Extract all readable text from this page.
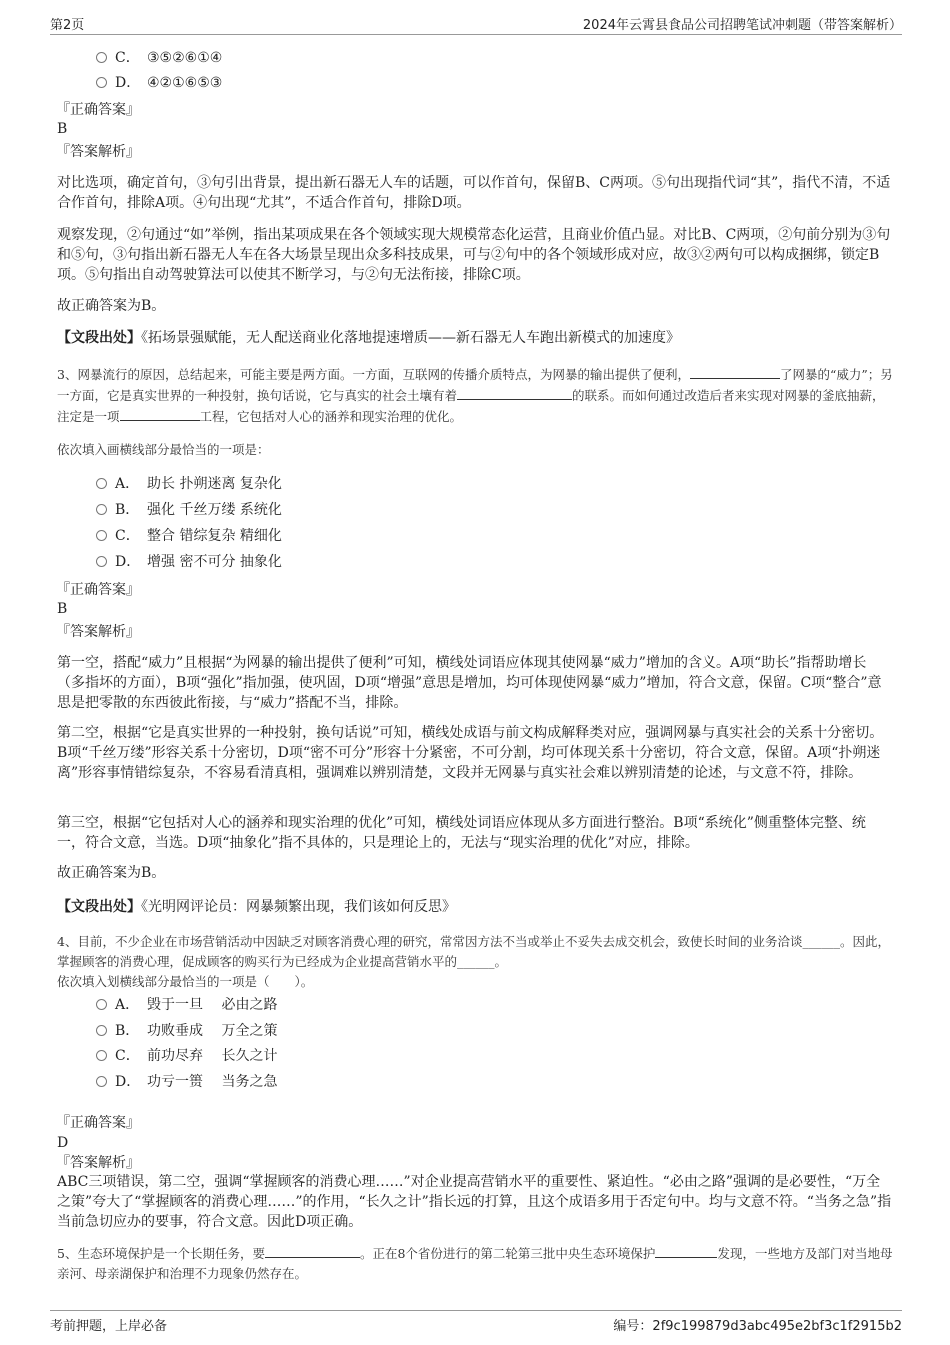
第2页	2024年云霄县食品公司招聘笔试冲刺题（带答案解析）
C． ③⑤②⑥①④
D． ④②①⑥⑤③

『正确答案』

B

『答案解析』

对比选项，确定首句，③句引出背景，提出新石器无人车的话题，可以作首句，保留B、C两项。⑤句出现指代词“其”，指代不清，不适合作首句，排除A项。④句出现“尤其”，不适合作首句，排除D项。

观察发现，②句通过“如”举例，指出某项成果在各个领域实现大规模常态化运营，且商业价值凸显。对比B、C两项，②句前分别为③句和⑤句，③句指出新石器无人车在各大场景呈现出众多科技成果，可与②句中的各个领域形成对应，故③②两句可以构成捆绑，锁定B项。⑤句指出自动驾驶算法可以使其不断学习，与②句无法衔接，排除C项。

故正确答案为B。

【文段出处】《拓场景强赋能，无人配送商业化落地提速增质——新石器无人车跑出新模式的加速度》

3、网暴流行的原因，总结起来，可能主要是两方面。一方面，互联网的传播介质特点，为网暴的输出提供了便利，	了网暴的“威力”；另一方面，它是真实世界的一种投射，换句话说，它与真实的社会土壤有着	的联系。而如何通过改造后者来实现对网暴的釜底抽薪，注定是一项	工程，它包括对人心的涵养和现实治理的优化。

依次填入画横线部分最恰当的一项是：

A． 助长 扑朔迷离 复杂化
B． 强化 千丝万缕 系统化
C． 整合 错综复杂 精细化
D． 增强 密不可分 抽象化

『正确答案』

B

『答案解析』

第一空，搭配“威力”且根据“为网暴的输出提供了便利”可知，横线处词语应体现其使网暴“威力”增加的含义。A项“助长”指帮助增长（多指坏的方面），B项“强化”指加强，使巩固，D项“增强”意思是增加，均可体现使网暴“威力”增加，符合文意，保留。C项“整合”意思是把零散的东西彼此衔接，与“威力”搭配不当，排除。

第二空，根据“它是真实世界的一种投射，换句话说”可知，横线处成语与前文构成解释类对应，强调网暴与真实社会的关系十分密切。B项“千丝万缕”形容关系十分密切，D项“密不可分”形容十分紧密，不可分割，均可体现关系十分密切，符合文意，保留。A项“扑朔迷离”形容事情错综复杂，不容易看清真相，强调难以辨别清楚，文段并无网暴与真实社会难以辨别清楚的论述，与文意不符，排除。

第三空，根据“它包括对人心的涵养和现实治理的优化”可知，横线处词语应体现从多方面进行整治。B项“系统化”侧重整体完整、统一，符合文意，当选。D项“抽象化”指不具体的，只是理论上的，无法与“现实治理的优化”对应，排除。

故正确答案为B。

【文段出处】《光明网评论员：网暴频繁出现，我们该如何反思》

4、目前，不少企业在市场营销活动中因缺乏对顾客消费心理的研究，常常因方法不当或举止不妥失去成交机会，致使长时间的业务洽谈______。因此，掌握顾客的消费心理，促成顾客的购买行为已经成为企业提高营销水平的______。

依次填入划横线部分最恰当的一项是（　　）。

A． 毁于一旦　 必由之路
B． 功败垂成　 万全之策
C． 前功尽弃　 长久之计
D． 功亏一篑　 当务之急

『正确答案』

D

『答案解析』

ABC三项错误，第二空，强调“掌握顾客的消费心理……”对企业提高营销水平的重要性、紧迫性。“必由之路”强调的是必要性，“万全之策”夸大了“掌握顾客的消费心理……”的作用，“长久之计”指长远的打算，且这个成语多用于否定句中。均与文意不符。“当务之急”指当前急切应办的要事，符合文意。因此D项正确。

5、生态环境保护是一个长期任务，要	。正在8个省份进行的第二轮第三批中央生态环境保护	发现，一些地方及部门对当地母亲河、母亲湖保护和治理不力现象仍然存在。

考前押题，上岸必备	编号：2f9c199879d3abc495e2bf3c1f2915b2
